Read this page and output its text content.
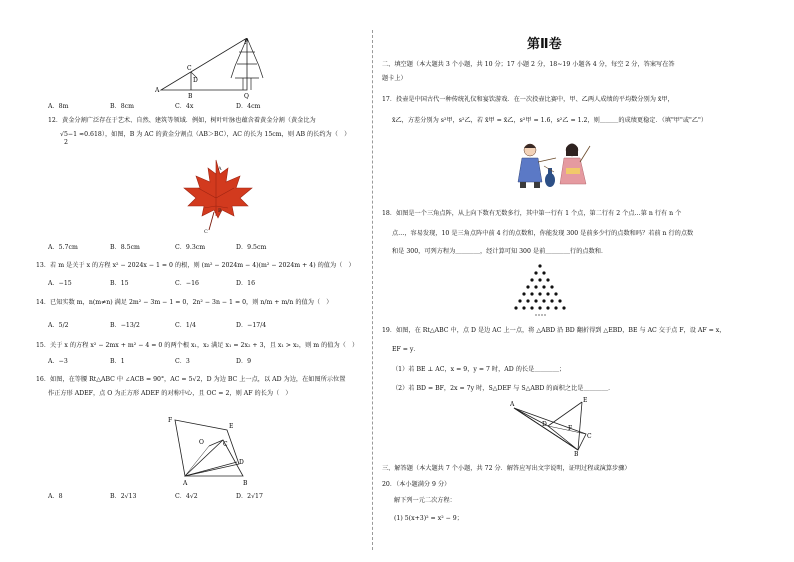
P
C
D
A
B	Q
A．8m	B．8cm	C．4x	D．4cm
12．黄金分割广泛存在于艺术、自然、建筑等领域．例如，树叶叶脉也蕴含着黄金分割（黄金比为
√5−1 ≈0.618），如图，B 为 AC 的黄金分割点（AB＞BC），AC 的长为 15cm，则 AB 的长约为（　）
2
A
B
C
A．5.7cm	B．8.5cm	C．9.3cm	D．9.5cm
13．若 m 是关于 x 的方程 x² − 2024x − 1 = 0 的根，则 (m² − 2024m − 4)(m² − 2024m + 4) 的值为（　）
A．−15	B．15	C．−16	D．16
14．已知实数 m，n(m≠n) 满足 2m² − 3m − 1 = 0，2n² − 3n − 1 = 0，则 n/m + m/n 的值为（　）
A．5/2	B．−13/2	C．1/4	D．−17/4
15．关于 x 的方程 x² − 2mx + m² − 4 = 0 的两个根 x₁，x₂ 满足 x₁ = 2x₂ + 3，且 x₁ > x₂，则 m 的值为（　）
A．−3	B．1	C．3	D．9
16．如图，在等腰 Rt△ABC 中 ∠ACB = 90°，AC = 5√2，D 为边 BC 上一点，以 AD 为边，在如图所示位置
作正方形 ADEF，点 O 为正方形 ADEF 的对称中心，且 OC = 2，则 AF 的长为（　）
F
O	C
E
D
A	B
A．8	B．2√13	C．4√2	D．2√17
第Ⅱ卷
二、填空题（本大题共 3 个小题，共 10 分；17 小题 2 分，18~19 小题各 4 分，每空 2 分，答案写在答
题卡上）
17．投壶是中国古代一种传统礼仪和宴饮游戏．在一次投壶比赛中，甲、乙两人成绩的平均数分别为 x̄甲，
x̄乙，方差分别为 s²甲，s²乙，若 x̄甲 = x̄乙，s²甲 = 1.6，s²乙 = 1.2，则＿＿＿的成绩更稳定．（填"甲"或"乙"）
18．如图是一个三角点阵，从上向下数有无数多行，其中第一行有 1 个点，第二行有 2 个点…第 n 行有 n 个
点…，容易发现，10 是三角点阵中前 4 行的点数和，你能发现 300 是前多少行的点数和吗？若前 n 行的点数
和是 300，可列方程为＿＿＿＿，经计算可知 300 是前＿＿＿＿行的点数和．
19．如图，在 Rt△ABC 中，点 D 是边 AC 上一点，将 △ABD 沿 BD 翻折得到 △EBD，BE 与 AC 交于点 F，设 AF = x，
EF = y．
（1）若 BE ⊥ AC，x = 9，y = 7 时，AD 的长是＿＿＿＿；
（2）若 BD = BF，2x = 7y 时，S△DEF 与 S△ABD 的面积之比是＿＿＿＿．
A
E
D
F
B
C
三、解答题（本大题共 7 个小题，共 72 分．解答应写出文字说明，证明过程或演算步骤）
20．（本小题满分 9 分）
解下列一元二次方程：
(1) 5(x+3)² = x² − 9；
